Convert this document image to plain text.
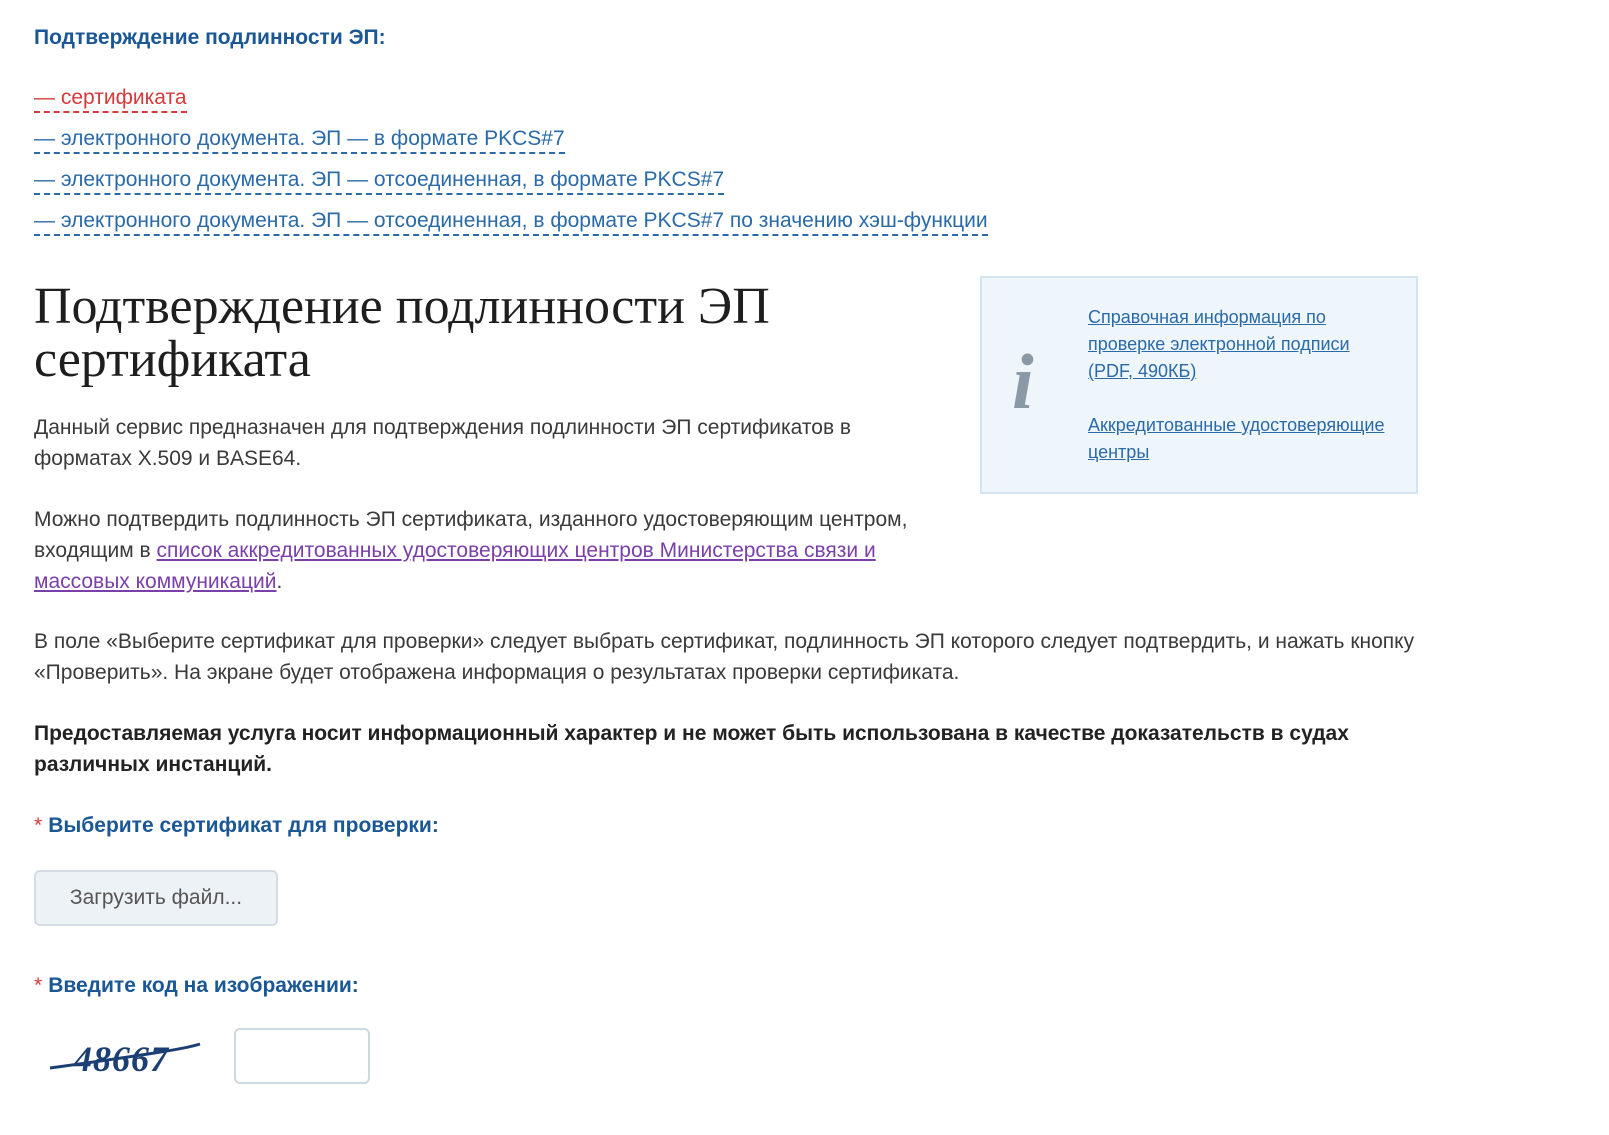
Подтверждение подлинности ЭП:
— сертификата
— электронного документа. ЭП — в формате PKCS#7
— электронного документа. ЭП — отсоединенная, в формате PKCS#7
— электронного документа. ЭП — отсоединенная, в формате PKCS#7 по значению хэш-функции
Подтверждение подлинности ЭП сертификата	i
Справочная информация по проверке электронной подписи (PDF, 490КБ)
Аккредитованные удостоверяющие центры

Данный сервис предназначен для подтверждения подлинности ЭП сертификатов в форматах X.509 и BASE64.

Можно подтвердить подлинность ЭП сертификата, изданного удостоверяющим центром, входящим в список аккредитованных удостоверяющих центров Министерства связи и массовых коммуникаций.

В поле «Выберите сертификат для проверки» следует выбрать сертификат, подлинность ЭП которого следует подтвердить, и нажать кнопку «Проверить». На экране будет отображена информация о результатах проверки сертификата.

Предоставляемая услуга носит информационный характер и не может быть использована в качестве доказательств в судах различных инстанций.

* Выберите сертификат для проверки:
Загрузить файл...
* Введите код на изображении:
48667
